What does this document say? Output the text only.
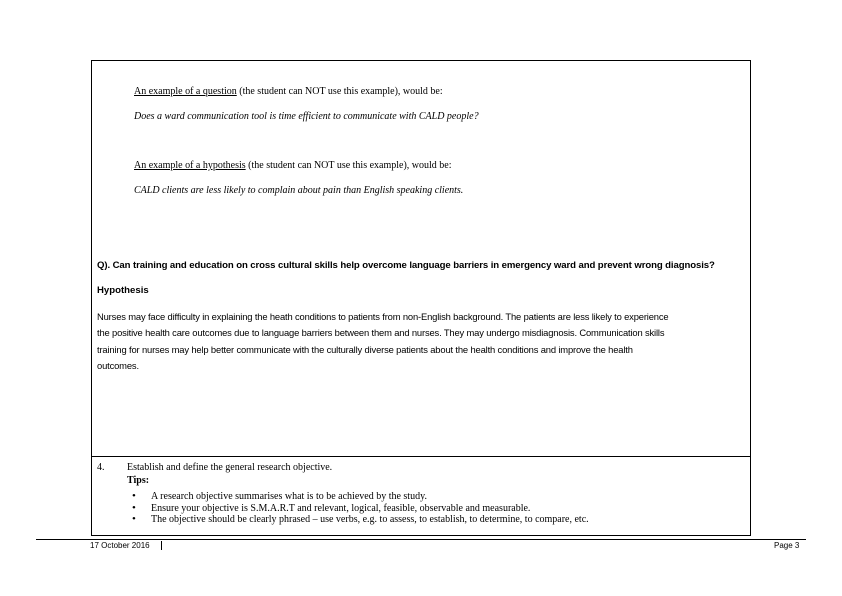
An example of a question (the student can NOT use this example), would be:
Does a ward communication tool is time efficient to communicate with CALD people?
An example of a hypothesis (the student can NOT use this example), would be:
CALD clients are less likely to complain about pain than English speaking clients.
Q). Can training and education on cross cultural skills help overcome language barriers in emergency ward and prevent wrong diagnosis?
Hypothesis
Nurses may face difficulty in explaining the heath conditions to patients from non-English background. The patients are less likely to experience
the positive health care outcomes due to language barriers between them and nurses. They may undergo misdiagnosis. Communication skills
training for nurses may help better communicate with the culturally diverse patients about the health conditions and improve the health
outcomes.
4. Establish and define the general research objective.
Tips:
• A research objective summarises what is to be achieved by the study.
• Ensure your objective is S.M.A.R.T and relevant, logical, feasible, observable and measurable.
• The objective should be clearly phrased – use verbs, e.g. to assess, to establish, to determine, to compare, etc.
17 October 2016	Page 3
